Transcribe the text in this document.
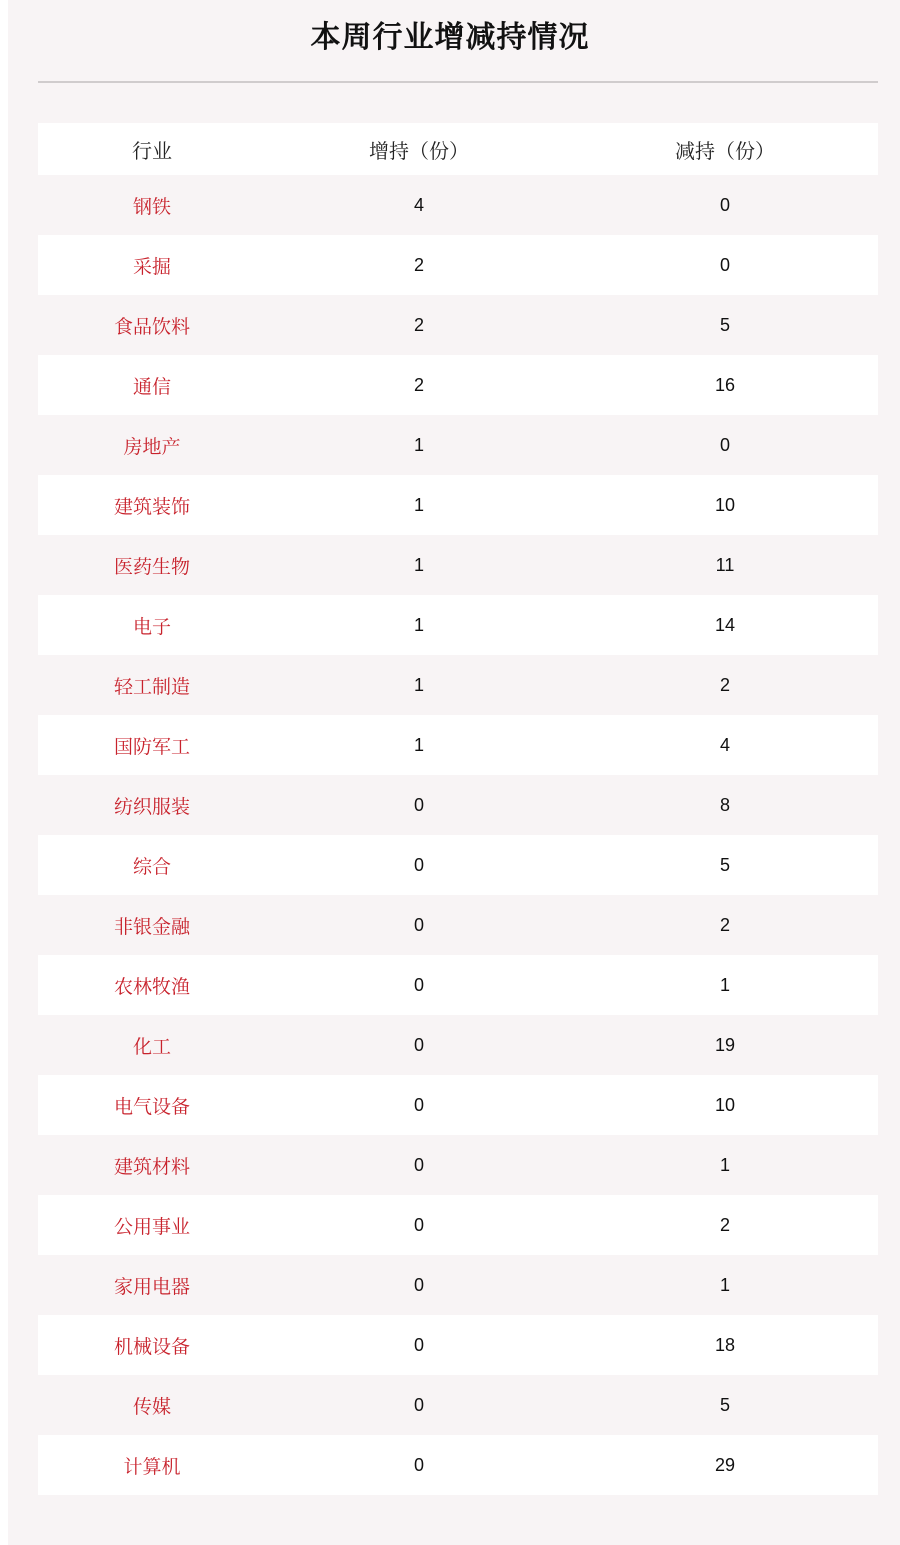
本周行业增减持情况
行业	增持（份）	减持（份）
钢铁	4	0
采掘	2	0
食品饮料	2	5
通信	2	16
房地产	1	0
建筑装饰	1	10
医药生物	1	11
电子	1	14
轻工制造	1	2
国防军工	1	4
纺织服装	0	8
综合	0	5
非银金融	0	2
农林牧渔	0	1
化工	0	19
电气设备	0	10
建筑材料	0	1
公用事业	0	2
家用电器	0	1
机械设备	0	18
传媒	0	5
计算机	0	29
